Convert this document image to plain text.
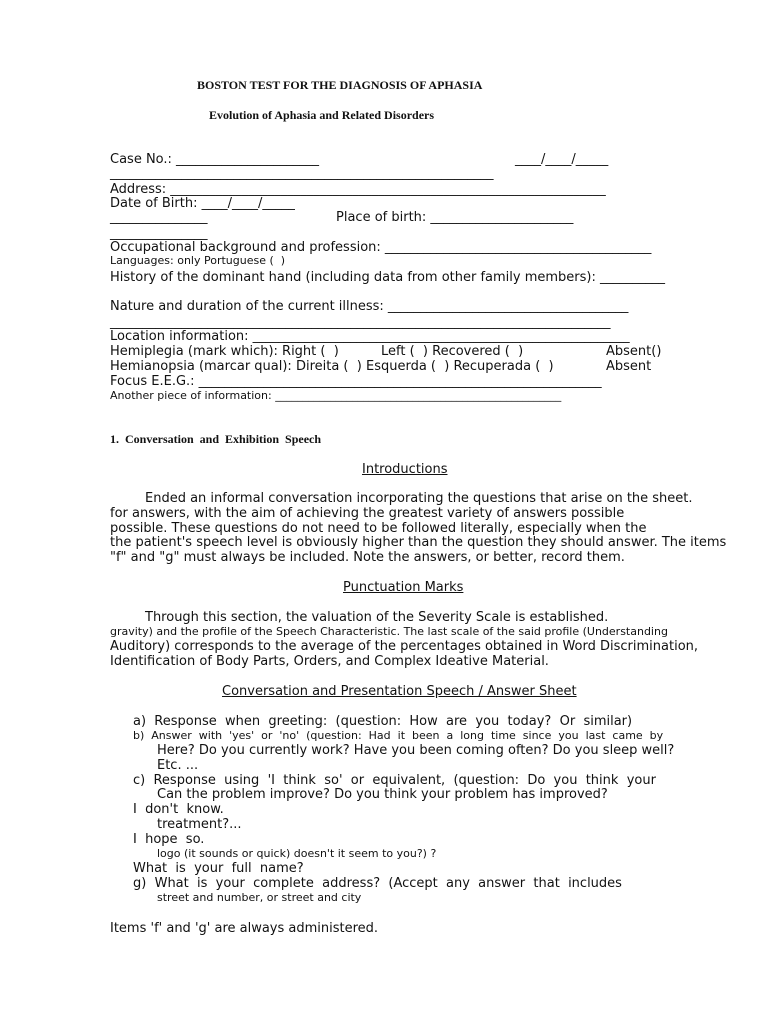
BOSTON TEST FOR THE DIAGNOSIS OF APHASIA
Evolution of Aphasia and Related Disorders
Case No.: ______________________	____/____/_____
___________________________________________________________
Address: ___________________________________________________________________
Date of Birth: ____/____/_____
_______________	Place of birth: ______________________
_______________
Occupational background and profession: _________________________________________
Languages: only Portuguese (  )
History of the dominant hand (including data from other family members): __________
Nature and duration of the current illness: _____________________________________
_____________________________________________________________________________
Location information: __________________________________________________________
Hemiplegia (mark which): Right (  )	Left (  ) Recovered (  )	Absent()
Hemianopsia (marcar qual): Direita (  ) Esquerda (  ) Recuperada (  )	Absent
Focus E.E.G.: ______________________________________________________________
Another piece of information: ____________________________________________________
1.  Conversation  and  Exhibition  Speech
Introductions
Ended an informal conversation incorporating the questions that arise on the sheet.
for answers, with the aim of achieving the greatest variety of answers possible
possible. These questions do not need to be followed literally, especially when the
the patient's speech level is obviously higher than the question they should answer. The items
"f" and "g" must always be included. Note the answers, or better, record them.
Punctuation Marks
Through this section, the valuation of the Severity Scale is established.
gravity) and the profile of the Speech Characteristic. The last scale of the said profile (Understanding
Auditory) corresponds to the average of the percentages obtained in Word Discrimination,
Identification of Body Parts, Orders, and Complex Ideative Material.
Conversation and Presentation Speech / Answer Sheet
a)  Response  when  greeting:  (question:  How  are  you  today?  Or  similar)
b)  Answer  with  'yes'  or  'no'  (question:  Had  it  been  a  long  time  since  you  last  came  by
Here? Do you currently work? Have you been coming often? Do you sleep well?
Etc. ...
c)  Response  using  'I  think  so'  or  equivalent,  (question:  Do  you  think  your
Can the problem improve? Do you think your problem has improved?
I  don't  know.
treatment?...
I  hope  so.
logo (it sounds or quick) doesn't it seem to you?) ?
What  is  your  full  name?
g)  What  is  your  complete  address?  (Accept  any  answer  that  includes
street and number, or street and city
Items 'f' and 'g' are always administered.
